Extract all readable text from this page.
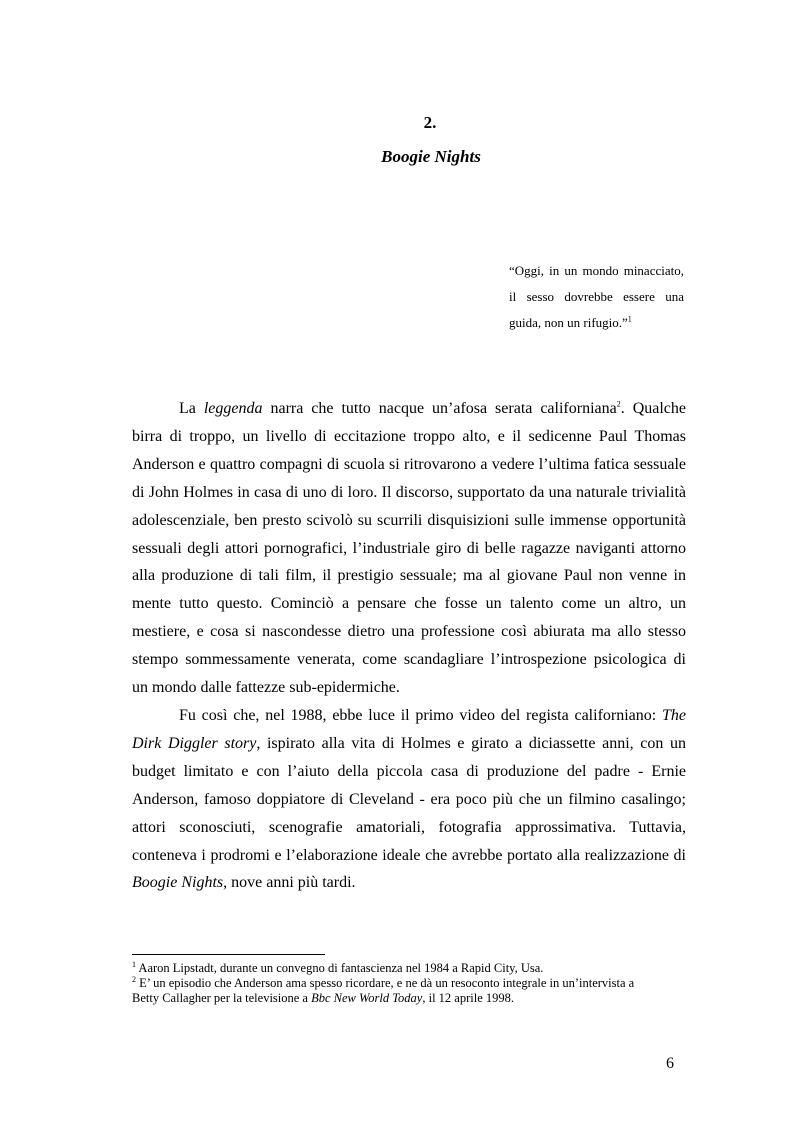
2.
Boogie Nights
“Oggi, in un mondo minacciato,
il sesso dovrebbe essere una
guida, non un rifugio.”$^1$
La leggenda narra che tutto nacque un’afosa serata californiana$^2$. Qualche
birra di troppo, un livello di eccitazione troppo alto, e il sedicenne Paul Thomas
Anderson e quattro compagni di scuola si ritrovarono a vedere l’ultima fatica sessuale
di John Holmes in casa di uno di loro. Il discorso, supportato da una naturale trivialità
adolescenziale, ben presto scivolò su scurrili disquisizioni sulle immense opportunità
sessuali degli attori pornografici, l’industriale giro di belle ragazze naviganti attorno
alla produzione di tali film, il prestigio sessuale; ma al giovane Paul non venne in
mente tutto questo. Cominciò a pensare che fosse un talento come un altro, un
mestiere, e cosa si nascondesse dietro una professione così abiurata ma allo stesso
stempo sommessamente venerata, come scandagliare l’introspezione psicologica di
un mondo dalle fattezze sub-epidermiche.
Fu così che, nel 1988, ebbe luce il primo video del regista californiano: The
Dirk Diggler story, ispirato alla vita di Holmes e girato a diciassette anni, con un
budget limitato e con l’aiuto della piccola casa di produzione del padre - Ernie
Anderson, famoso doppiatore di Cleveland - era poco più che un filmino casalingo;
attori sconosciuti, scenografie amatoriali, fotografia approssimativa. Tuttavia,
conteneva i prodromi e l’elaborazione ideale che avrebbe portato alla realizzazione di
Boogie Nights, nove anni più tardi.
$^1$ Aaron Lipstadt, durante un convegno di fantascienza nel 1984 a Rapid City, Usa.
$^2$ E’ un episodio che Anderson ama spesso ricordare, e ne dà un resoconto integrale in un’intervista a
Betty Callagher per la televisione a Bbc New World Today, il 12 aprile 1998.
6
